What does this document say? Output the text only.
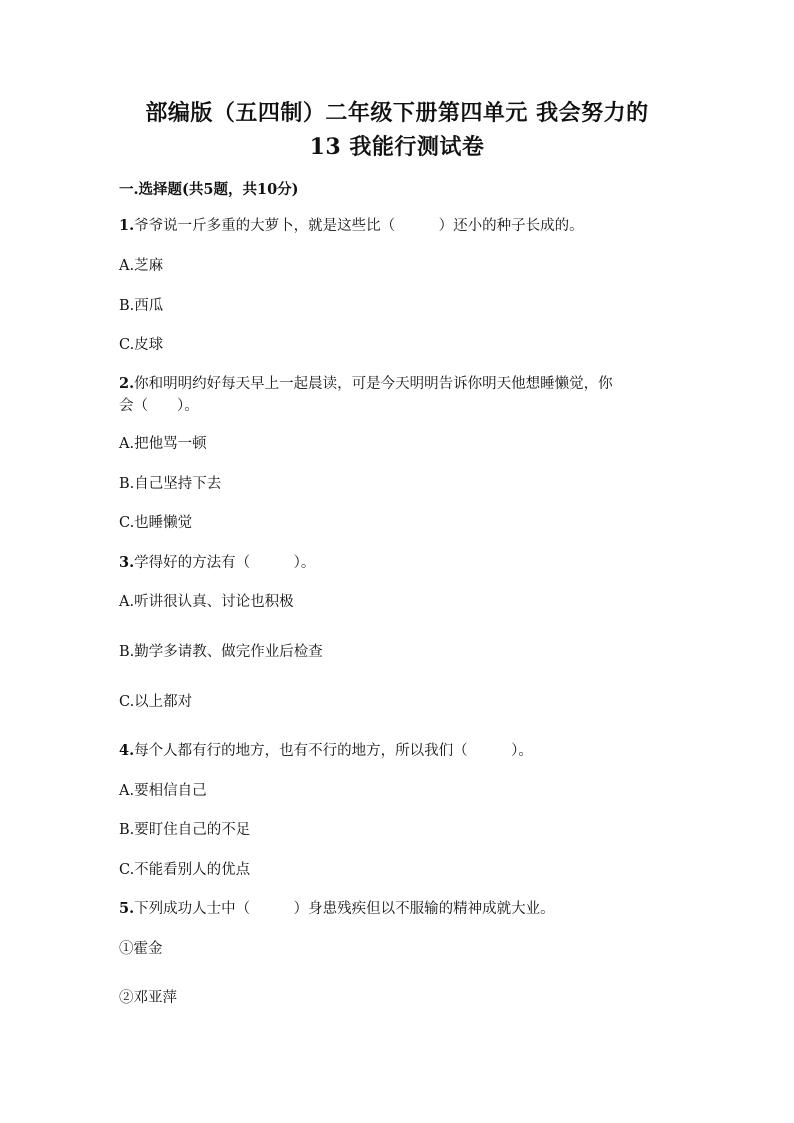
部编版（五四制）二年级下册第四单元 我会努力的
13 我能行测试卷
一.选择题(共5题，共10分)
1.爷爷说一斤多重的大萝卜，就是这些比（　　　）还小的种子长成的。
A.芝麻
B.西瓜
C.皮球
2.你和明明约好每天早上一起晨读，可是今天明明告诉你明天他想睡懒觉，你
会（　　）。
A.把他骂一顿
B.自己坚持下去
C.也睡懒觉
3.学得好的方法有（　　　）。
A.听讲很认真、讨论也积极
B.勤学多请教、做完作业后检查
C.以上都对
4.每个人都有行的地方，也有不行的地方，所以我们（　　　）。
A.要相信自己
B.要盯住自己的不足
C.不能看别人的优点
5.下列成功人士中（　　　）身患残疾但以不服输的精神成就大业。
①霍金
②邓亚萍
